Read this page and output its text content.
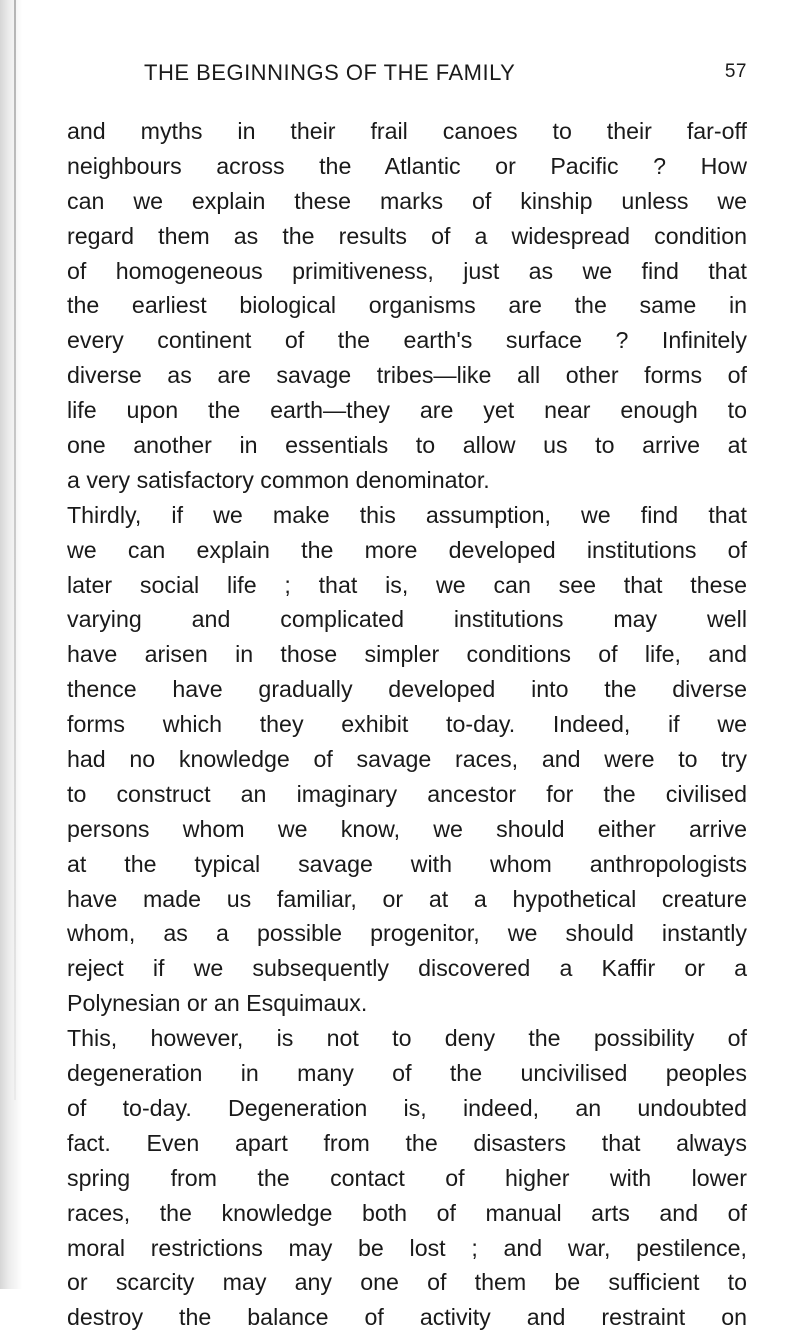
THE BEGINNINGS OF THE FAMILY	57
and myths in their frail canoes to their far-off
neighbours across the Atlantic or Pacific ? How
can we explain these marks of kinship unless we
regard them as the results of a widespread condition
of homogeneous primitiveness, just as we find that
the earliest biological organisms are the same in
every continent of the earth's surface ? Infinitely
diverse as are savage tribes—like all other forms of
life upon the earth—they are yet near enough to
one another in essentials to allow us to arrive at
a very satisfactory common denominator.
Thirdly, if we make this assumption, we find that
we can explain the more developed institutions of
later social life ; that is, we can see that these
varying and complicated institutions may well
have arisen in those simpler conditions of life, and
thence have gradually developed into the diverse
forms which they exhibit to-day. Indeed, if we
had no knowledge of savage races, and were to try
to construct an imaginary ancestor for the civilised
persons whom we know, we should either arrive
at the typical savage with whom anthropologists
have made us familiar, or at a hypothetical creature
whom, as a possible progenitor, we should instantly
reject if we subsequently discovered a Kaffir or a
Polynesian or an Esquimaux.
This, however, is not to deny the possibility of
degeneration in many of the uncivilised peoples
of to-day. Degeneration is, indeed, an undoubted
fact. Even apart from the disasters that always
spring from the contact of higher with lower
races, the knowledge both of manual arts and of
moral restrictions may be lost ; and war, pestilence,
or scarcity may any one of them be sufficient to
destroy the balance of activity and restraint on
